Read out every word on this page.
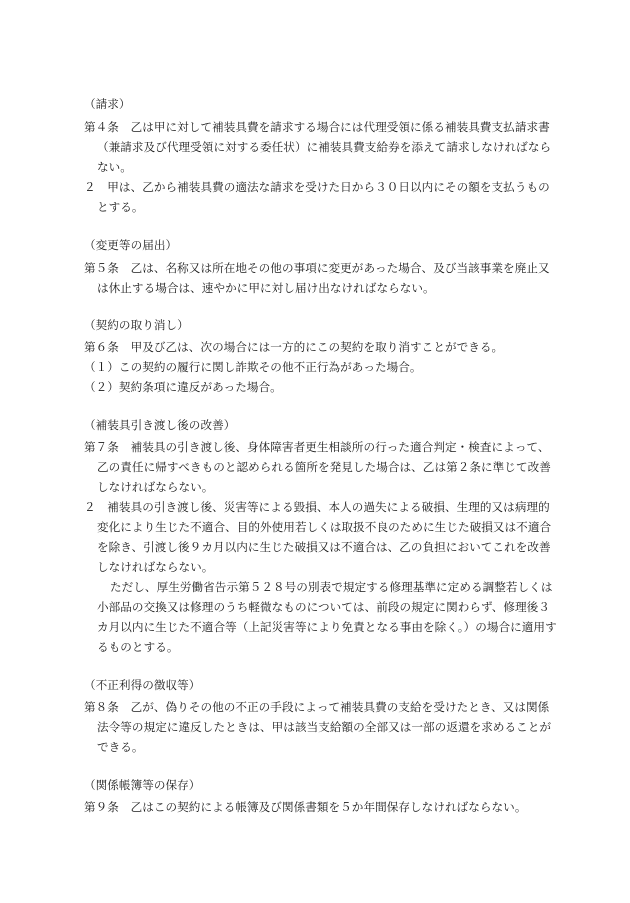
（請求）
第４条　乙は甲に対して補装具費を請求する場合には代理受領に係る補装具費支払請求書
（兼請求及び代理受領に対する委任状）に補装具費支給券を添えて請求しなければなら
ない。
２　甲は、乙から補装具費の適法な請求を受けた日から３０日以内にその額を支払うもの
とする。
（変更等の届出）
第５条　乙は、名称又は所在地その他の事項に変更があった場合、及び当該事業を廃止又
は休止する場合は、速やかに甲に対し届け出なければならない。
（契約の取り消し）
第６条　甲及び乙は、次の場合には一方的にこの契約を取り消すことができる。
（１）この契約の履行に関し詐欺その他不正行為があった場合。
（２）契約条項に違反があった場合。
（補装具引き渡し後の改善）
第７条　補装具の引き渡し後、身体障害者更生相談所の行った適合判定・検査によって、
乙の責任に帰すべきものと認められる箇所を発見した場合は、乙は第２条に準じて改善
しなければならない。
２　補装具の引き渡し後、災害等による毀損、本人の過失による破損、生理的又は病理的
変化により生じた不適合、目的外使用若しくは取扱不良のために生じた破損又は不適合
を除き、引渡し後９カ月以内に生じた破損又は不適合は、乙の負担においてこれを改善
しなければならない。
ただし、厚生労働省告示第５２８号の別表で規定する修理基準に定める調整若しくは
小部品の交換又は修理のうち軽微なものについては、前段の規定に関わらず、修理後３
カ月以内に生じた不適合等（上記災害等により免責となる事由を除く。）の場合に適用す
るものとする。
（不正利得の徴収等）
第８条　乙が、偽りその他の不正の手段によって補装具費の支給を受けたとき、又は関係
法令等の規定に違反したときは、甲は該当支給額の全部又は一部の返還を求めることが
できる。
（関係帳簿等の保存）
第９条　乙はこの契約による帳簿及び関係書類を５か年間保存しなければならない。
